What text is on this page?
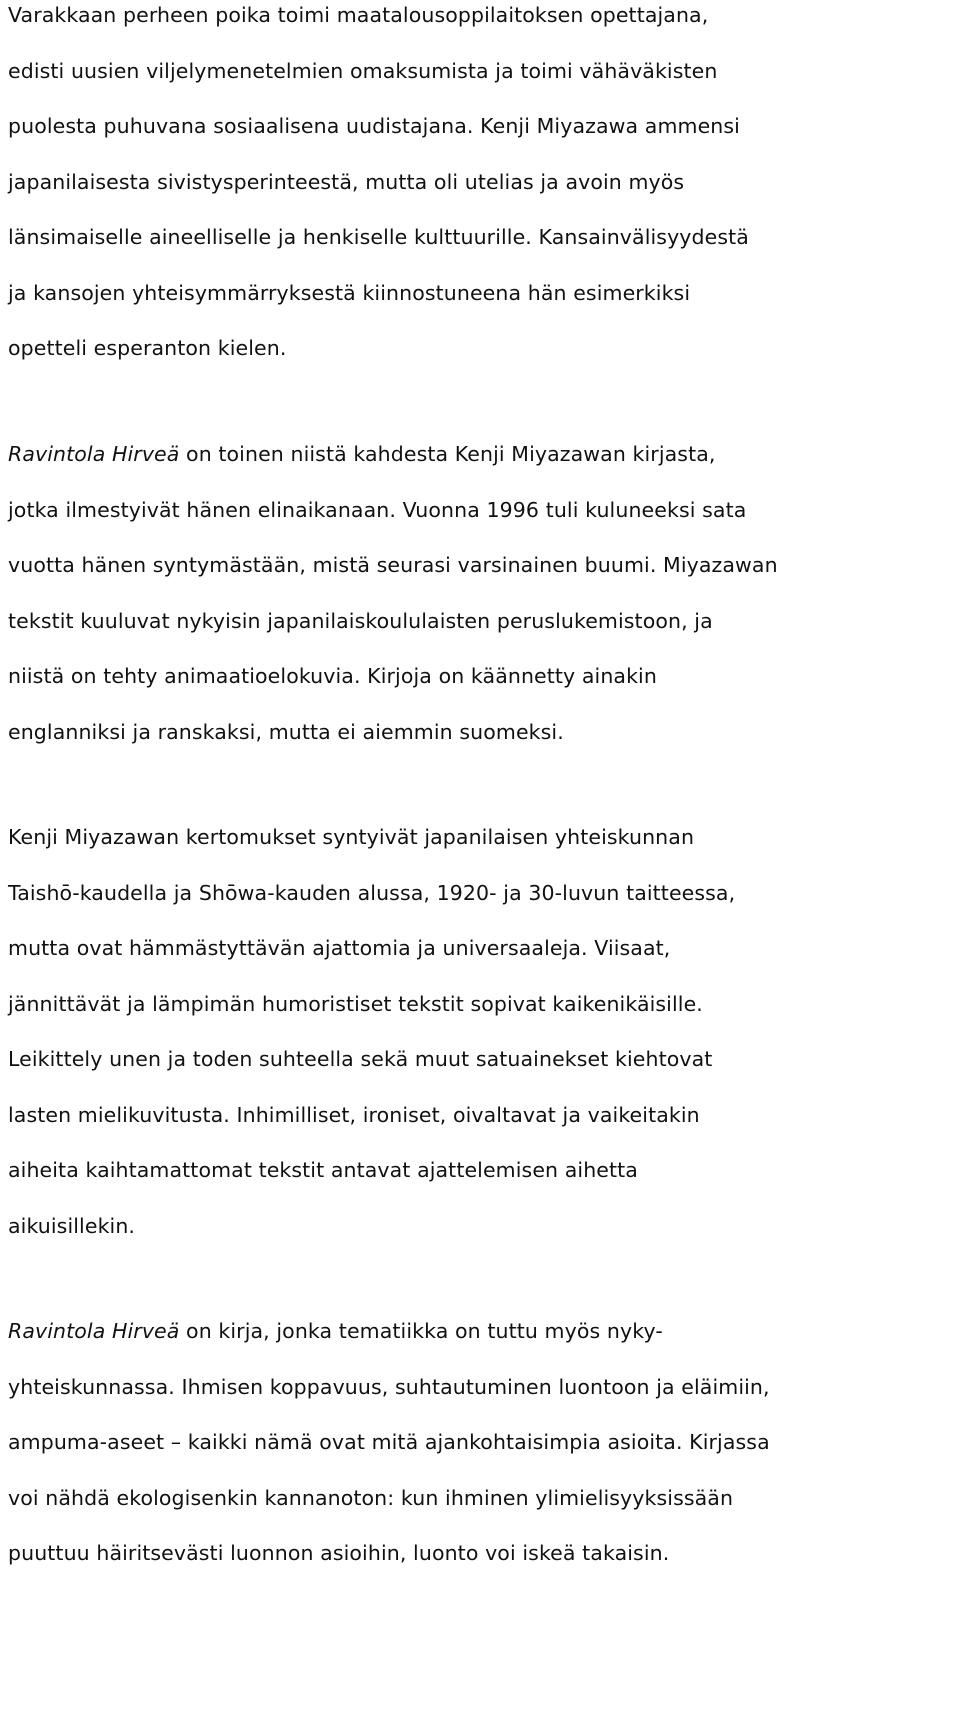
Varakkaan perheen poika toimi maatalousoppilaitoksen opettajana,
edisti uusien viljelymenetelmien omaksumista ja toimi vähäväkisten
puolesta puhuvana sosiaalisena uudistajana. Kenji Miyazawa ammensi
japanilaisesta sivistysperinteestä, mutta oli utelias ja avoin myös
länsimaiselle aineelliselle ja henkiselle kulttuurille. Kansainvälisyydestä
ja kansojen yhteisymmärryksestä kiinnostuneena hän esimerkiksi
opetteli esperanton kielen.
Ravintola Hirveä on toinen niistä kahdesta Kenji Miyazawan kirjasta,
jotka ilmestyivät hänen elinaikanaan. Vuonna 1996 tuli kuluneeksi sata
vuotta hänen syntymästään, mistä seurasi varsinainen buumi. Miyazawan
tekstit kuuluvat nykyisin japanilaiskoululaisten peruslukemistoon, ja
niistä on tehty animaatioelokuvia. Kirjoja on käännetty ainakin
englanniksi ja ranskaksi, mutta ei aiemmin suomeksi.
Kenji Miyazawan kertomukset syntyivät japanilaisen yhteiskunnan
Taishō-kaudella ja Shōwa-kauden alussa, 1920- ja 30-luvun taitteessa,
mutta ovat hämmästyttävän ajattomia ja universaaleja. Viisaat,
jännittävät ja lämpimän humoristiset tekstit sopivat kaikenikäisille.
Leikittely unen ja toden suhteella sekä muut satuainekset kiehtovat
lasten mielikuvitusta. Inhimilliset, ironiset, oivaltavat ja vaikeitakin
aiheita kaihtamattomat tekstit antavat ajattelemisen aihetta
aikuisillekin.
Ravintola Hirveä on kirja, jonka tematiikka on tuttu myös nyky-
yhteiskunnassa. Ihmisen koppavuus, suhtautuminen luontoon ja eläimiin,
ampuma-aseet – kaikki nämä ovat mitä ajankohtaisimpia asioita. Kirjassa
voi nähdä ekologisenkin kannanoton: kun ihminen ylimielisyyksissään
puuttuu häiritsevästi luonnon asioihin, luonto voi iskeä takaisin.
